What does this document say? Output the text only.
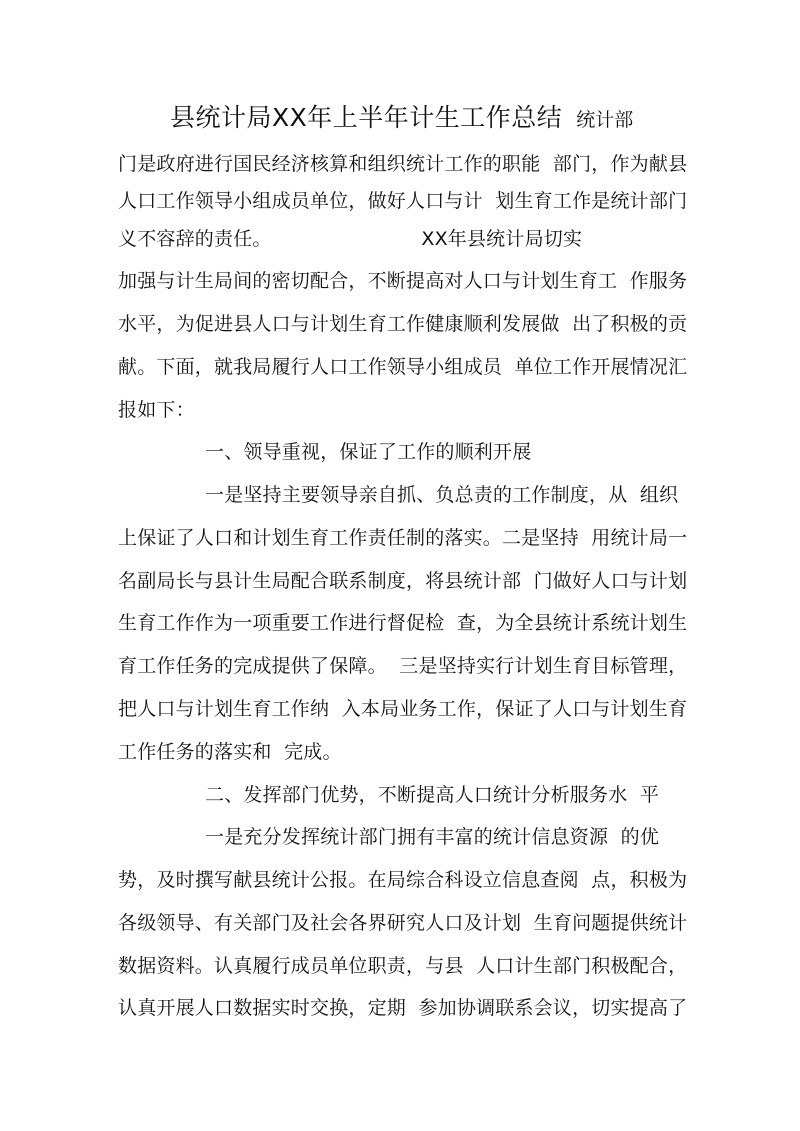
县统计局XX年上半年计生工作总结 统计部
门是政府进行国民经济核算和组织统计工作的职能  部门，作为献县
人口工作领导小组成员单位，做好人口与计  划生育工作是统计部门
义不容辞的责任。                        XX年县统计局切实
加强与计生局间的密切配合，不断提高对人口与计划生育工  作服务
水平，为促进县人口与计划生育工作健康顺利发展做  出了积极的贡
献。下面，就我局履行人口工作领导小组成员  单位工作开展情况汇
报如下：
一、领导重视，保证了工作的顺利开展
一是坚持主要领导亲自抓、负总责的工作制度，从  组织
上保证了人口和计划生育工作责任制的落实。二是坚持  用统计局一
名副局长与县计生局配合联系制度，将县统计部  门做好人口与计划
生育工作作为一项重要工作进行督促检  查，为全县统计系统计划生
育工作任务的完成提供了保障。  三是坚持实行计划生育目标管理，
把人口与计划生育工作纳  入本局业务工作，保证了人口与计划生育
工作任务的落实和  完成。
二、发挥部门优势，不断提高人口统计分析服务水  平
一是充分发挥统计部门拥有丰富的统计信息资源  的优
势，及时撰写献县统计公报。在局综合科设立信息查阅  点，积极为
各级领导、有关部门及社会各界研究人口及计划  生育问题提供统计
数据资料。认真履行成员单位职责，与县  人口计生部门积极配合，
认真开展人口数据实时交换，定期  参加协调联系会议，切实提高了
